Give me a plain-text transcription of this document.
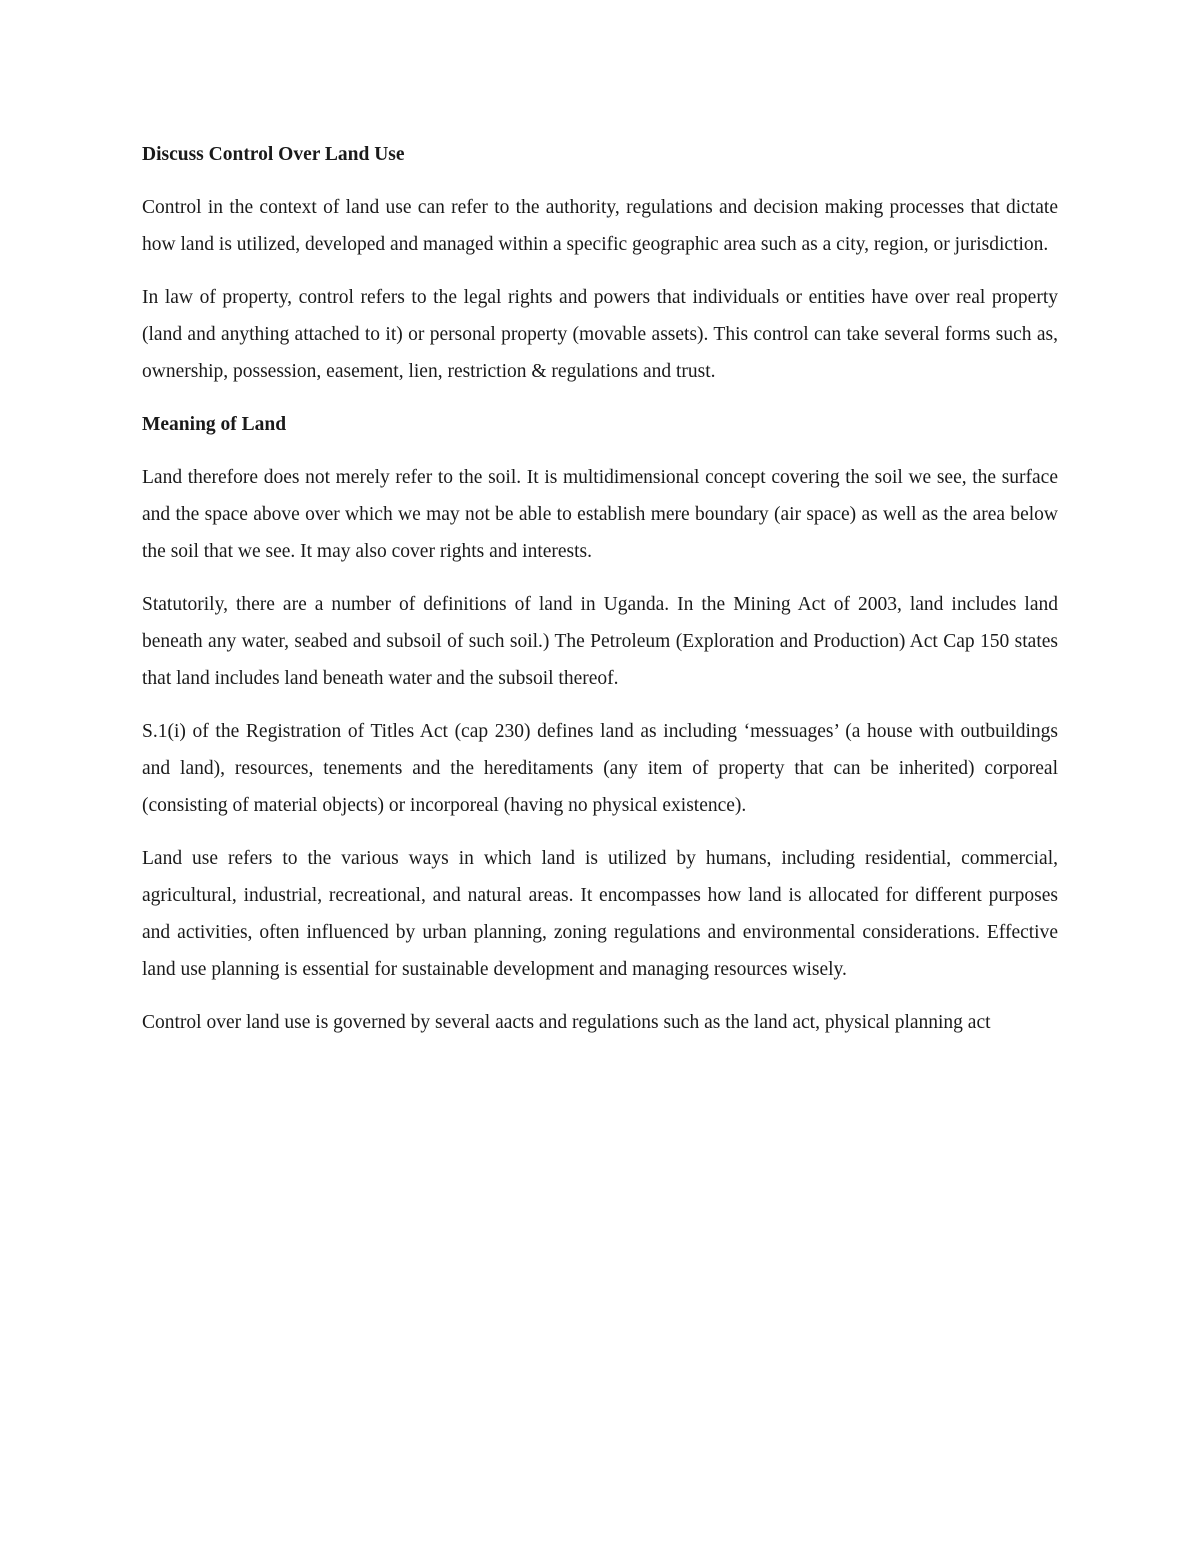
Discuss Control Over Land Use

Control in the context of land use can refer to the authority, regulations and decision making processes that dictate how land is utilized, developed and managed within a specific geographic area such as a city, region, or jurisdiction.

In law of property, control refers to the legal rights and powers that individuals or entities have over real property (land and anything attached to it) or personal property (movable assets). This control can take several forms such as, ownership, possession, easement, lien, restriction & regulations and trust.

Meaning of Land

Land therefore does not merely refer to the soil. It is multidimensional concept covering the soil we see, the surface and the space above over which we may not be able to establish mere boundary (air space) as well as the area below the soil that we see. It may also cover rights and interests.

Statutorily, there are a number of definitions of land in Uganda. In the Mining Act of 2003, land includes land beneath any water, seabed and subsoil of such soil.) The Petroleum (Exploration and Production) Act Cap 150 states that land includes land beneath water and the subsoil thereof.

S.1(i) of the Registration of Titles Act (cap 230) defines land as including ‘messuages’ (a house with outbuildings and land), resources, tenements and the hereditaments (any item of property that can be inherited) corporeal (consisting of material objects) or incorporeal (having no physical existence).

Land use refers to the various ways in which land is utilized by humans, including residential, commercial, agricultural, industrial, recreational, and natural areas. It encompasses how land is allocated for different purposes and activities, often influenced by urban planning, zoning regulations and environmental considerations. Effective land use planning is essential for sustainable development and managing resources wisely.

Control over land use is governed by several aacts and regulations such as the land act, physical planning act
